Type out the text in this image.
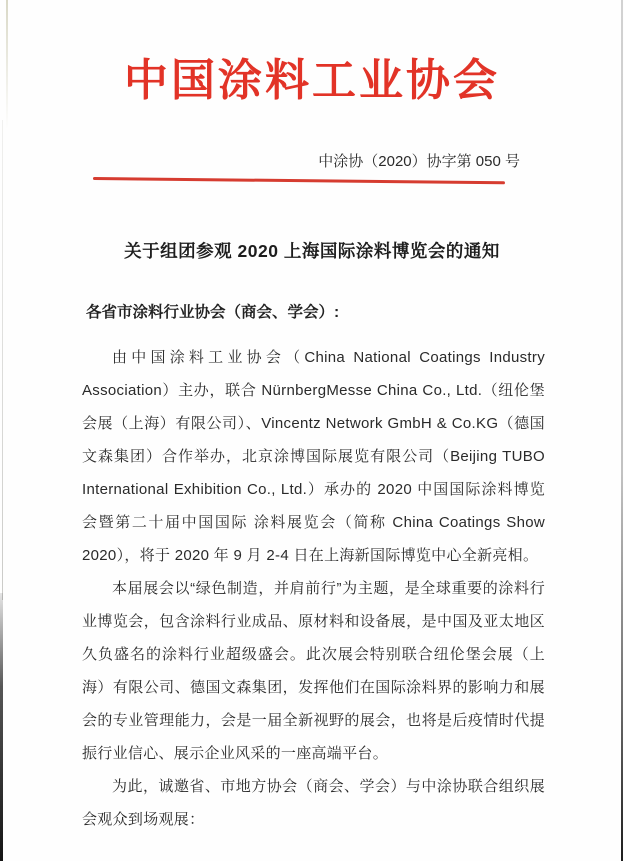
中国涂料工业协会
中涂协（2020）协字第 050 号
关于组团参观 2020 上海国际涂料博览会的通知
各省市涂料行业协会（商会、学会）:

由中国涂料工业协会（China National Coatings Industry Association）主办，联合 NürnbergMesse China Co., Ltd.（纽伦堡会展（上海）有限公司）、Vincentz Network GmbH & Co.KG（德国文森集团）合作举办，北京涂博国际展览有限公司（Beijing TUBO International Exhibition Co., Ltd.）承办的 2020 中国国际涂料博览会暨第二十届中国国际 涂料展览会（简称 China Coatings Show 2020），将于 2020 年 9 月 2-4 日在上海新国际博览中心全新亮相。

本届展会以“绿色制造，并肩前行”为主题，是全球重要的涂料行业博览会，包含涂料行业成品、原材料和设备展，是中国及亚太地区久负盛名的涂料行业超级盛会。此次展会特别联合纽伦堡会展（上海）有限公司、德国文森集团，发挥他们在国际涂料界的影响力和展会的专业管理能力，会是一届全新视野的展会，也将是后疫情时代提振行业信心、展示企业风采的一座高端平台。

为此，诚邀省、市地方协会（商会、学会）与中涂协联合组织展会观众到场观展：
